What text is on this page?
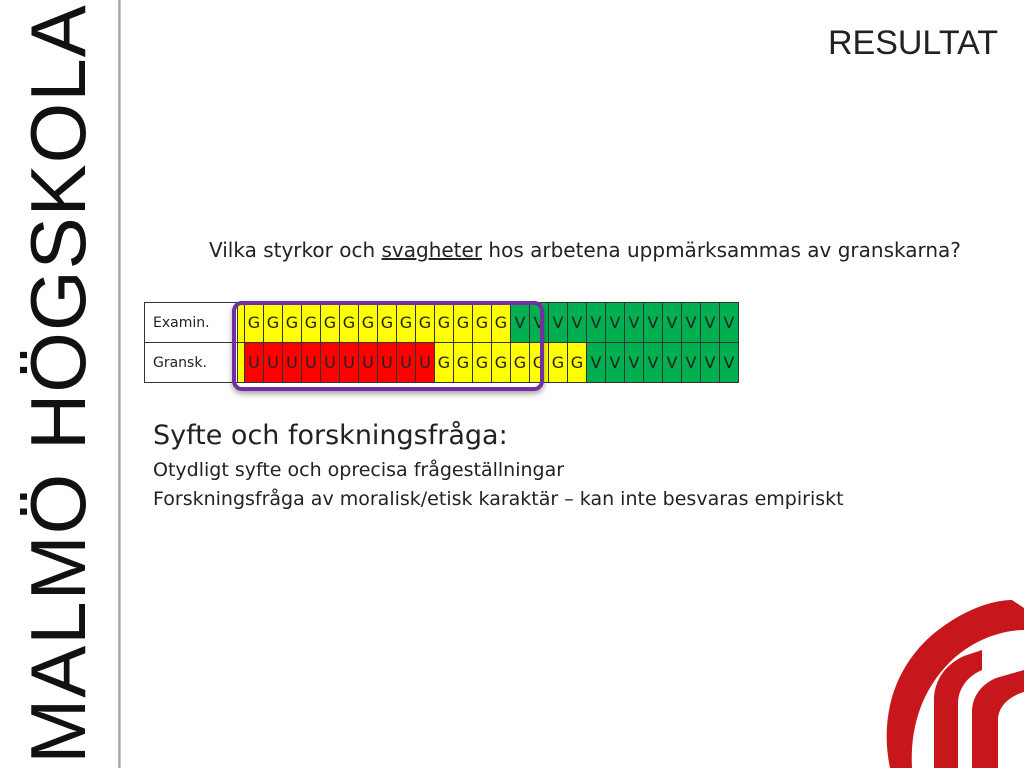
MALMÖ HÖGSKOLA	RESULTAT
Vilka styrkor och svagheter hos arbetena uppmärksammas av granskarna?
Examin.		G	G	G	G	G	G	G	G	G	G	G	G	G	G	V	V	V	V	V	V	V	V	V	V	V	V
Gransk.		U	U	U	U	U	U	U	U	U	U	G	G	G	G	G	G	G	G	V	V	V	V	V	V	V	V
Syfte och forskningsfråga:
Otydligt syfte och oprecisa frågeställningar
Forskningsfråga av moralisk/etisk karaktär – kan inte besvaras empiriskt
